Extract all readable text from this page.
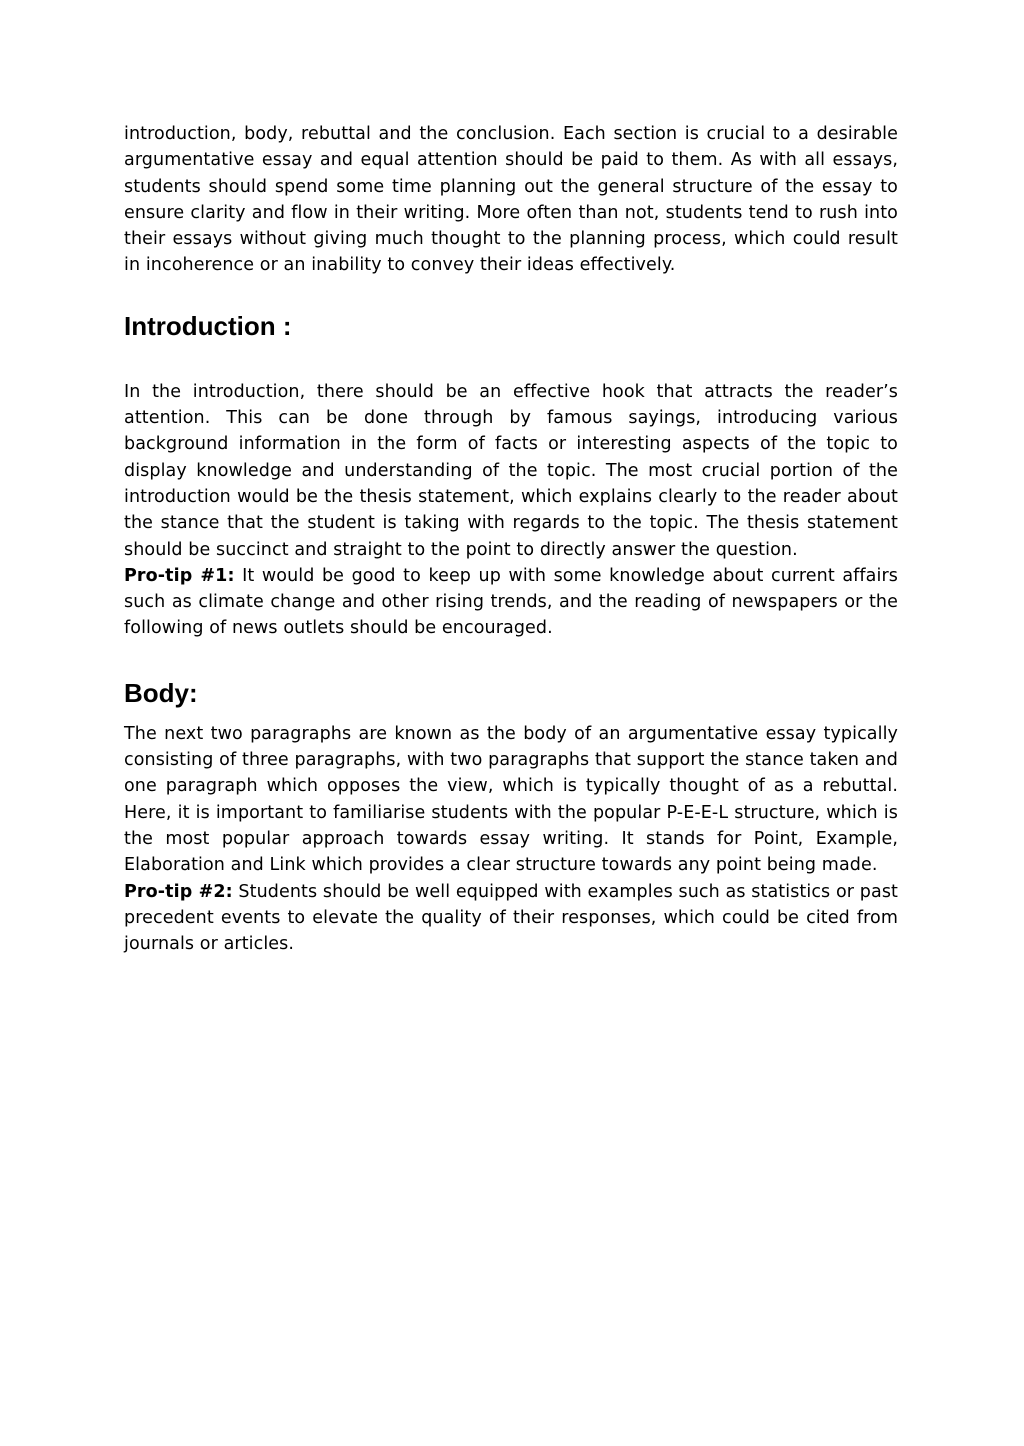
introduction, body, rebuttal and the conclusion. Each section is crucial to a desirable argumentative essay and equal attention should be paid to them. As with all essays, students should spend some time planning out the general structure of the essay to ensure clarity and flow in their writing. More often than not, students tend to rush into their essays without giving much thought to the planning process, which could result in incoherence or an inability to convey their ideas effectively.

Introduction :

In the introduction, there should be an effective hook that attracts the reader’s attention. This can be done through by famous sayings, introducing various background information in the form of facts or interesting aspects of the topic to display knowledge and understanding of the topic. The most crucial portion of the introduction would be the thesis statement, which explains clearly to the reader about the stance that the student is taking with regards to the topic. The thesis statement should be succinct and straight to the point to directly answer the question.

Pro-tip #1: It would be good to keep up with some knowledge about current affairs such as climate change and other rising trends, and the reading of newspapers or the following of news outlets should be encouraged.

Body:

The next two paragraphs are known as the body of an argumentative essay typically consisting of three paragraphs, with two paragraphs that support the stance taken and one paragraph which opposes the view, which is typically thought of as a rebuttal. Here, it is important to familiarise students with the popular P-E-E-L structure, which is the most popular approach towards essay writing. It stands for Point, Example, Elaboration and Link which provides a clear structure towards any point being made.

Pro-tip #2: Students should be well equipped with examples such as statistics or past precedent events to elevate the quality of their responses, which could be cited from journals or articles.
